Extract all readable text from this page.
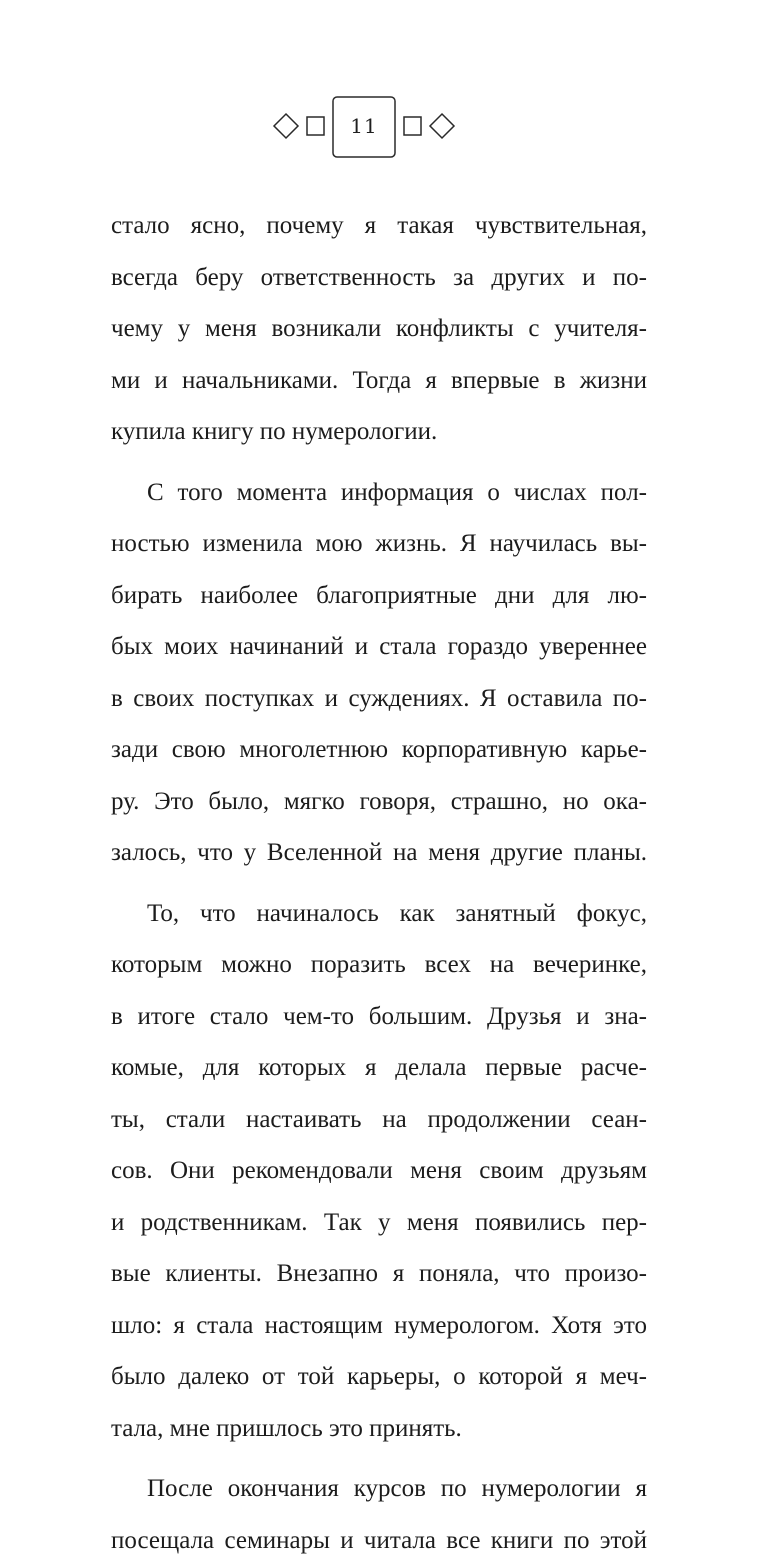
11
стало ясно, почему я такая чувствительная,
всегда беру ответственность за других и по-
чему у меня возникали конфликты с учителя-
ми и начальниками. Тогда я впервые в жизни
купила книгу по нумерологии.
С того момента информация о числах пол-
ностью изменила мою жизнь. Я научилась вы-
бирать наиболее благоприятные дни для лю-
бых моих начинаний и стала гораздо увереннее
в своих поступках и суждениях. Я оставила по-
зади свою многолетнюю корпоративную карье-
ру. Это было, мягко говоря, страшно, но ока-
залось, что у Вселенной на меня другие планы.
То, что начиналось как занятный фокус,
которым можно поразить всех на вечеринке,
в итоге стало чем-то большим. Друзья и зна-
комые, для которых я делала первые расче-
ты, стали настаивать на продолжении сеан-
сов. Они рекомендовали меня своим друзьям
и родственникам. Так у меня появились пер-
вые клиенты. Внезапно я поняла, что произо-
шло: я стала настоящим нумерологом. Хотя это
было далеко от той карьеры, о которой я меч-
тала, мне пришлось это принять.
После окончания курсов по нумерологии я
посещала семинары и читала все книги по этой
